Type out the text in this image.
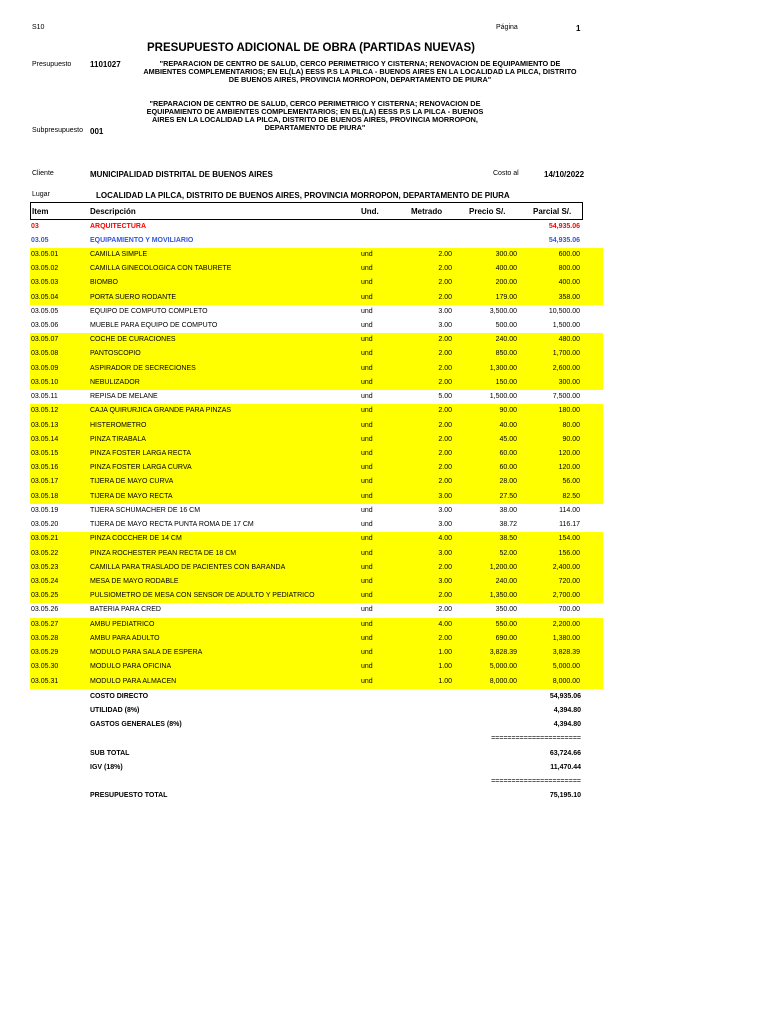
S10	Página	1
PRESUPUESTO ADICIONAL DE OBRA (PARTIDAS NUEVAS)
Presupuesto 1101027	"REPARACION DE CENTRO DE SALUD, CERCO PERIMETRICO Y CISTERNA; RENOVACION DE EQUIPAMIENTO DE
AMBIENTES COMPLEMENTARIOS; EN EL(LA) EESS P.S LA PILCA - BUENOS AIRES EN LA LOCALIDAD LA PILCA, DISTRITO
DE BUENOS AIRES, PROVINCIA MORROPON, DEPARTAMENTO DE PIURA"
"REPARACION DE CENTRO DE SALUD, CERCO PERIMETRICO Y CISTERNA; RENOVACION DE
EQUIPAMIENTO DE AMBIENTES COMPLEMENTARIOS; EN EL(LA) EESS P.S LA PILCA - BUENOS
AIRES EN LA LOCALIDAD LA PILCA, DISTRITO DE BUENOS AIRES, PROVINCIA MORROPON,
DEPARTAMENTO DE PIURA"
Subpresupuesto 001
Cliente	MUNICIPALIDAD DISTRITAL DE BUENOS AIRES	Costo al	14/10/2022
Lugar	LOCALIDAD LA PILCA, DISTRITO DE BUENOS AIRES, PROVINCIA MORROPON, DEPARTAMENTO DE PIURA
Item	Descripción	Und.	Metrado	Precio S/.	Parcial S/.
03	ARQUITECTURA	54,935.06
03.05	EQUIPAMIENTO Y MOVILIARIO	54,935.06
03.05.01	CAMILLA SIMPLE	und	2.00	300.00	600.00
03.05.02	CAMILLA GINECOLOGICA CON TABURETE	und	2.00	400.00	800.00
03.05.03	BIOMBO	und	2.00	200.00	400.00
03.05.04	PORTA SUERO RODANTE	und	2.00	179.00	358.00
03.05.05	EQUIPO DE COMPUTO COMPLETO	und	3.00	3,500.00	10,500.00
03.05.06	MUEBLE PARA EQUIPO DE COMPUTO	und	3.00	500.00	1,500.00
03.05.07	COCHE DE CURACIONES	und	2.00	240.00	480.00
03.05.08	PANTOSCOPIO	und	2.00	850.00	1,700.00
03.05.09	ASPIRADOR DE SECRECIONES	und	2.00	1,300.00	2,600.00
03.05.10	NEBULIZADOR	und	2.00	150.00	300.00
03.05.11	REPISA DE MELANE	und	5.00	1,500.00	7,500.00
03.05.12	CAJA QUIRURJICA GRANDE PARA PINZAS	und	2.00	90.00	180.00
03.05.13	HISTEROMETRO	und	2.00	40.00	80.00
03.05.14	PINZA TIRABALA	und	2.00	45.00	90.00
03.05.15	PINZA FOSTER LARGA RECTA	und	2.00	60.00	120.00
03.05.16	PINZA FOSTER LARGA CURVA	und	2.00	60.00	120.00
03.05.17	TIJERA DE MAYO CURVA	und	2.00	28.00	56.00
03.05.18	TIJERA DE MAYO RECTA	und	3.00	27.50	82.50
03.05.19	TIJERA SCHUMACHER DE 16 CM	und	3.00	38.00	114.00
03.05.20	TIJERA DE MAYO RECTA PUNTA ROMA DE 17 CM	und	3.00	38.72	116.17
03.05.21	PINZA COCCHER DE 14 CM	und	4.00	38.50	154.00
03.05.22	PINZA ROCHESTER PEAN RECTA DE 18 CM	und	3.00	52.00	156.00
03.05.23	CAMILLA PARA TRASLADO DE PACIENTES CON BARANDA	und	2.00	1,200.00	2,400.00
03.05.24	MESA DE MAYO RODABLE	und	3.00	240.00	720.00
03.05.25	PULSIOMETRO DE MESA CON SENSOR DE ADULTO Y PEDIATRICO	und	2.00	1,350.00	2,700.00
03.05.26	BATERIA PARA CRED	und	2.00	350.00	700.00
03.05.27	AMBU PEDIATRICO	und	4.00	550.00	2,200.00
03.05.28	AMBU PARA ADULTO	und	2.00	690.00	1,380.00
03.05.29	MODULO PARA SALA DE ESPERA	und	1.00	3,828.39	3,828.39
03.05.30	MODULO PARA OFICINA	und	1.00	5,000.00	5,000.00
03.05.31	MODULO PARA ALMACEN	und	1.00	8,000.00	8,000.00
COSTO DIRECTO	54,935.06
UTILIDAD (8%)	4,394.80
GASTOS GENERALES (8%)	4,394.80
======================
SUB TOTAL	63,724.66
IGV (18%)	11,470.44
======================
PRESUPUESTO TOTAL	75,195.10
